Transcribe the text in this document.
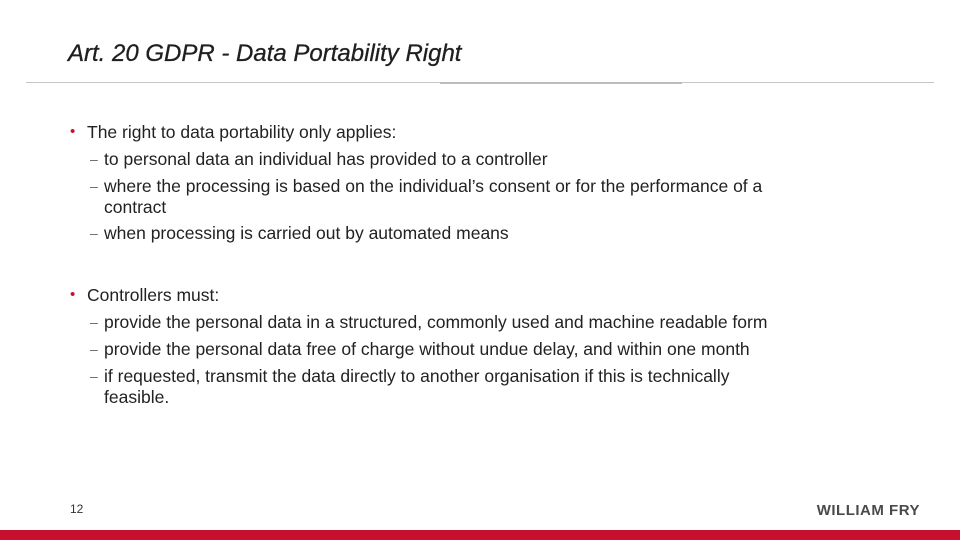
Art. 20 GDPR - Data Portability Right
• The right to data portability only applies:
– to personal data an individual has provided to a controller
– where the processing is based on the individual’s consent or for the performance of a
contract
– when processing is carried out by automated means
• Controllers must:
– provide the personal data in a structured, commonly used and machine readable form
– provide the personal data free of charge without undue delay, and within one month
– if requested, transmit the data directly to another organisation if this is technically
feasible.
12	WILLIAM FRY
